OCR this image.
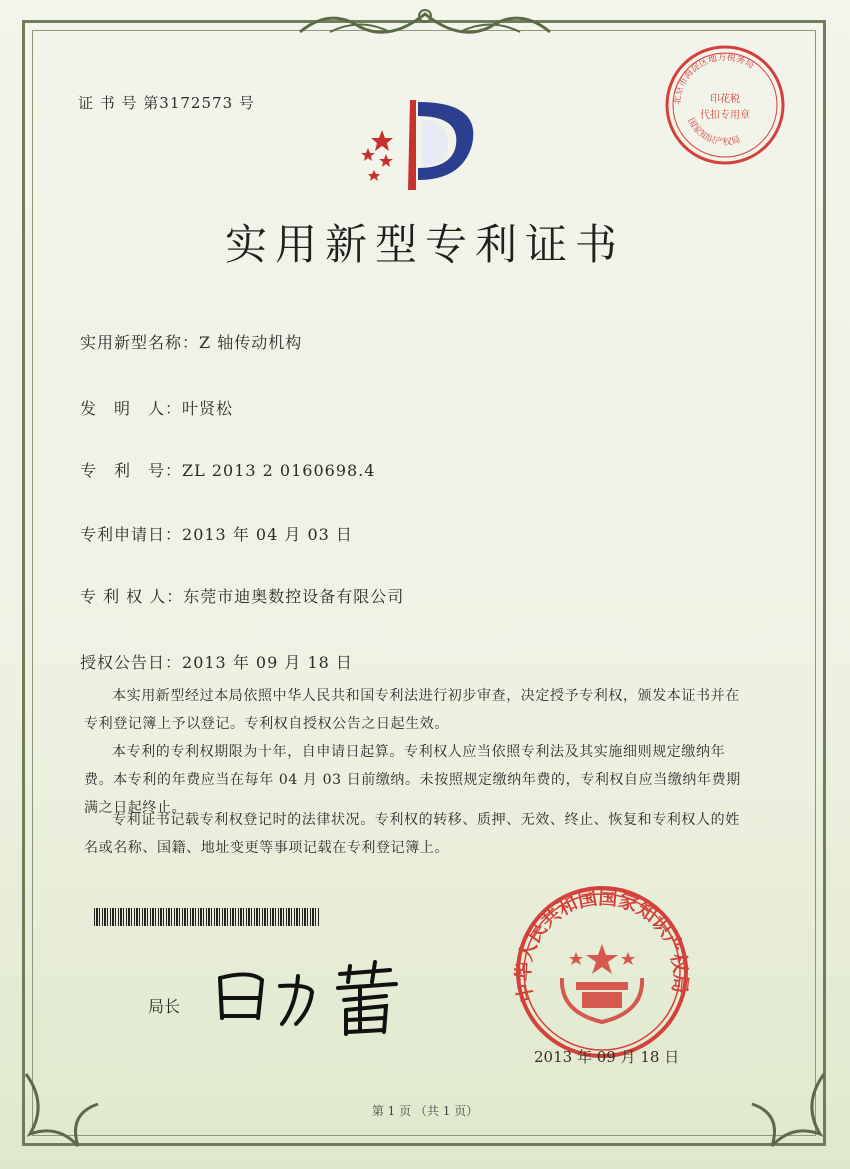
证 书 号 第3172573 号	北京市海淀区地方税务局
印花税
代扣专用章
国家知识产权局
实用新型专利证书
实用新型名称：Z 轴传动机构
发　明　人：叶贤松
专　利　号：ZL 2013 2 0160698.4
专利申请日：2013 年 04 月 03 日
专 利 权 人：东莞市迪奥数控设备有限公司
授权公告日：2013 年 09 月 18 日
本实用新型经过本局依照中华人民共和国专利法进行初步审查，决定授予专利权，颁发本证书并在专利登记簿上予以登记。专利权自授权公告之日起生效。
本专利的专利权期限为十年，自申请日起算。专利权人应当依照专利法及其实施细则规定缴纳年费。本专利的年费应当在每年 04 月 03 日前缴纳。未按照规定缴纳年费的，专利权自应当缴纳年费期满之日起终止。
专利证书记载专利权登记时的法律状况。专利权的转移、质押、无效、终止、恢复和专利权人的姓名或名称、国籍、地址变更等事项记载在专利登记簿上。
局长
中华人民共和国国家知识产权局
2013 年 09 月 18 日
第 1 页 （共 1 页）
